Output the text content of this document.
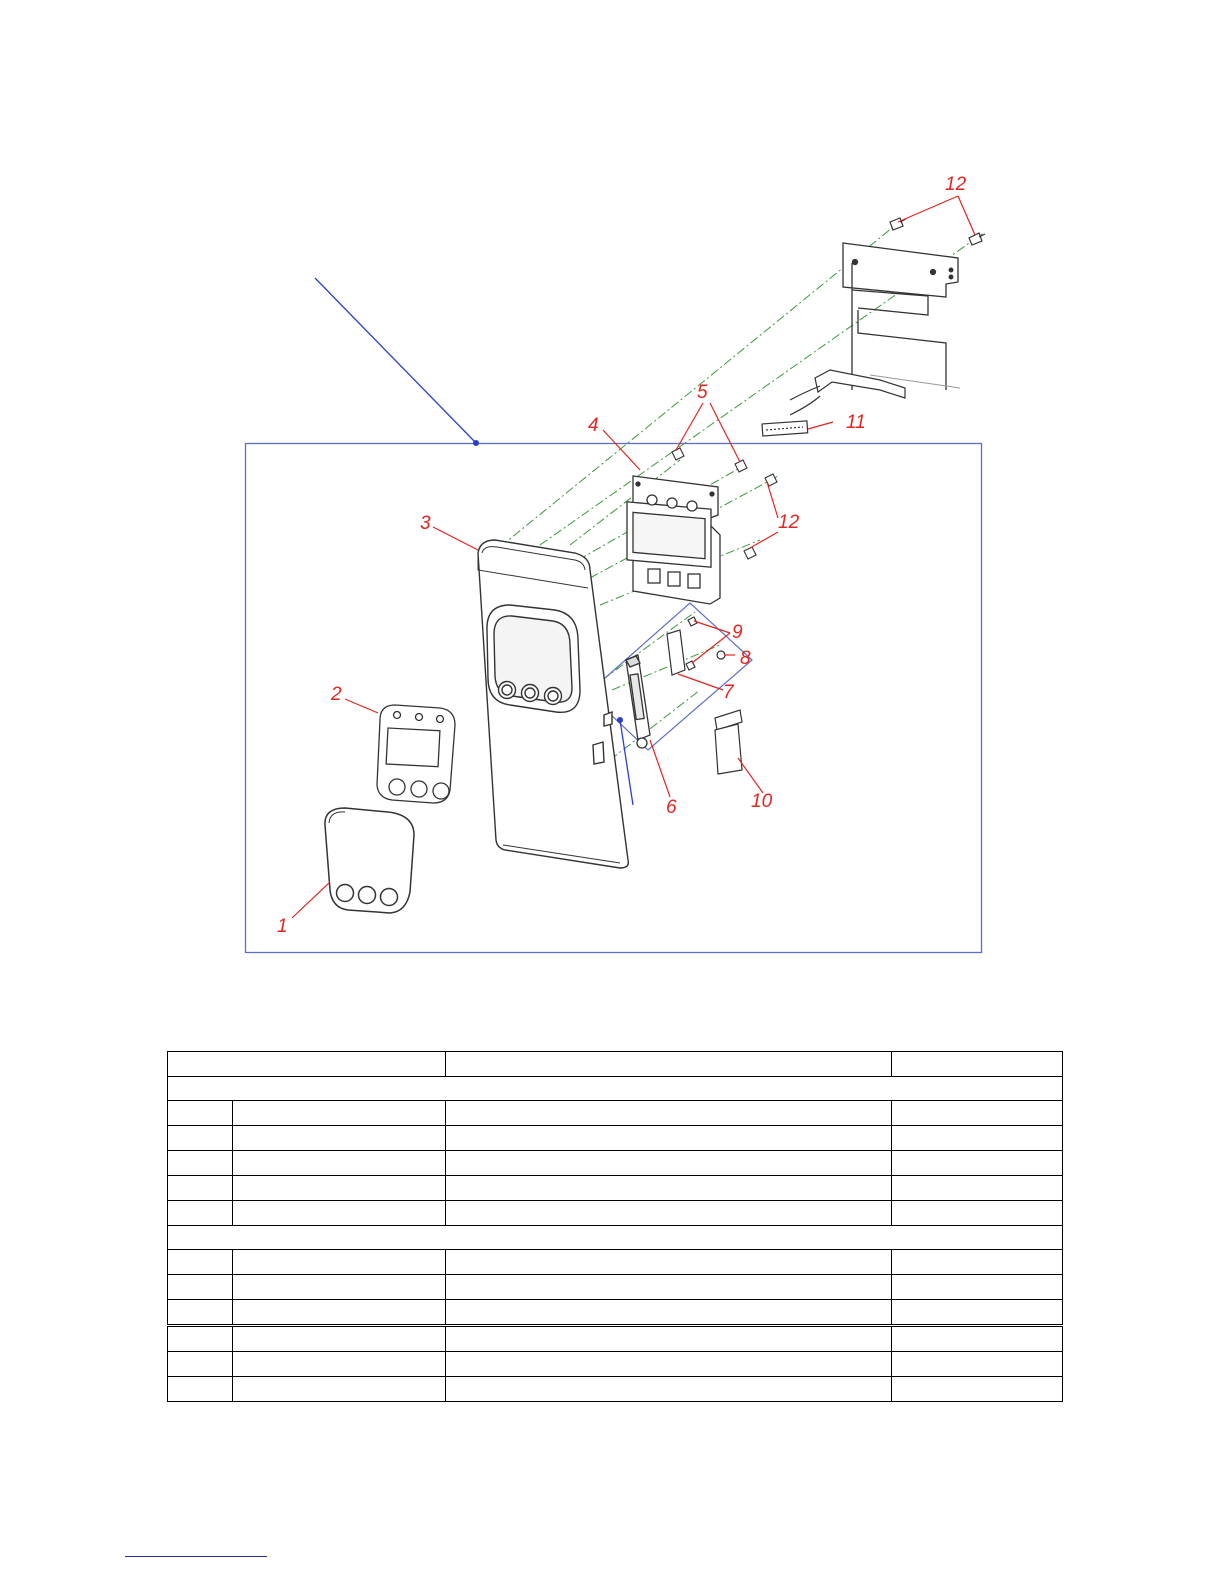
1
2
3
4
5
6
7
8
9
10
11
12
12
